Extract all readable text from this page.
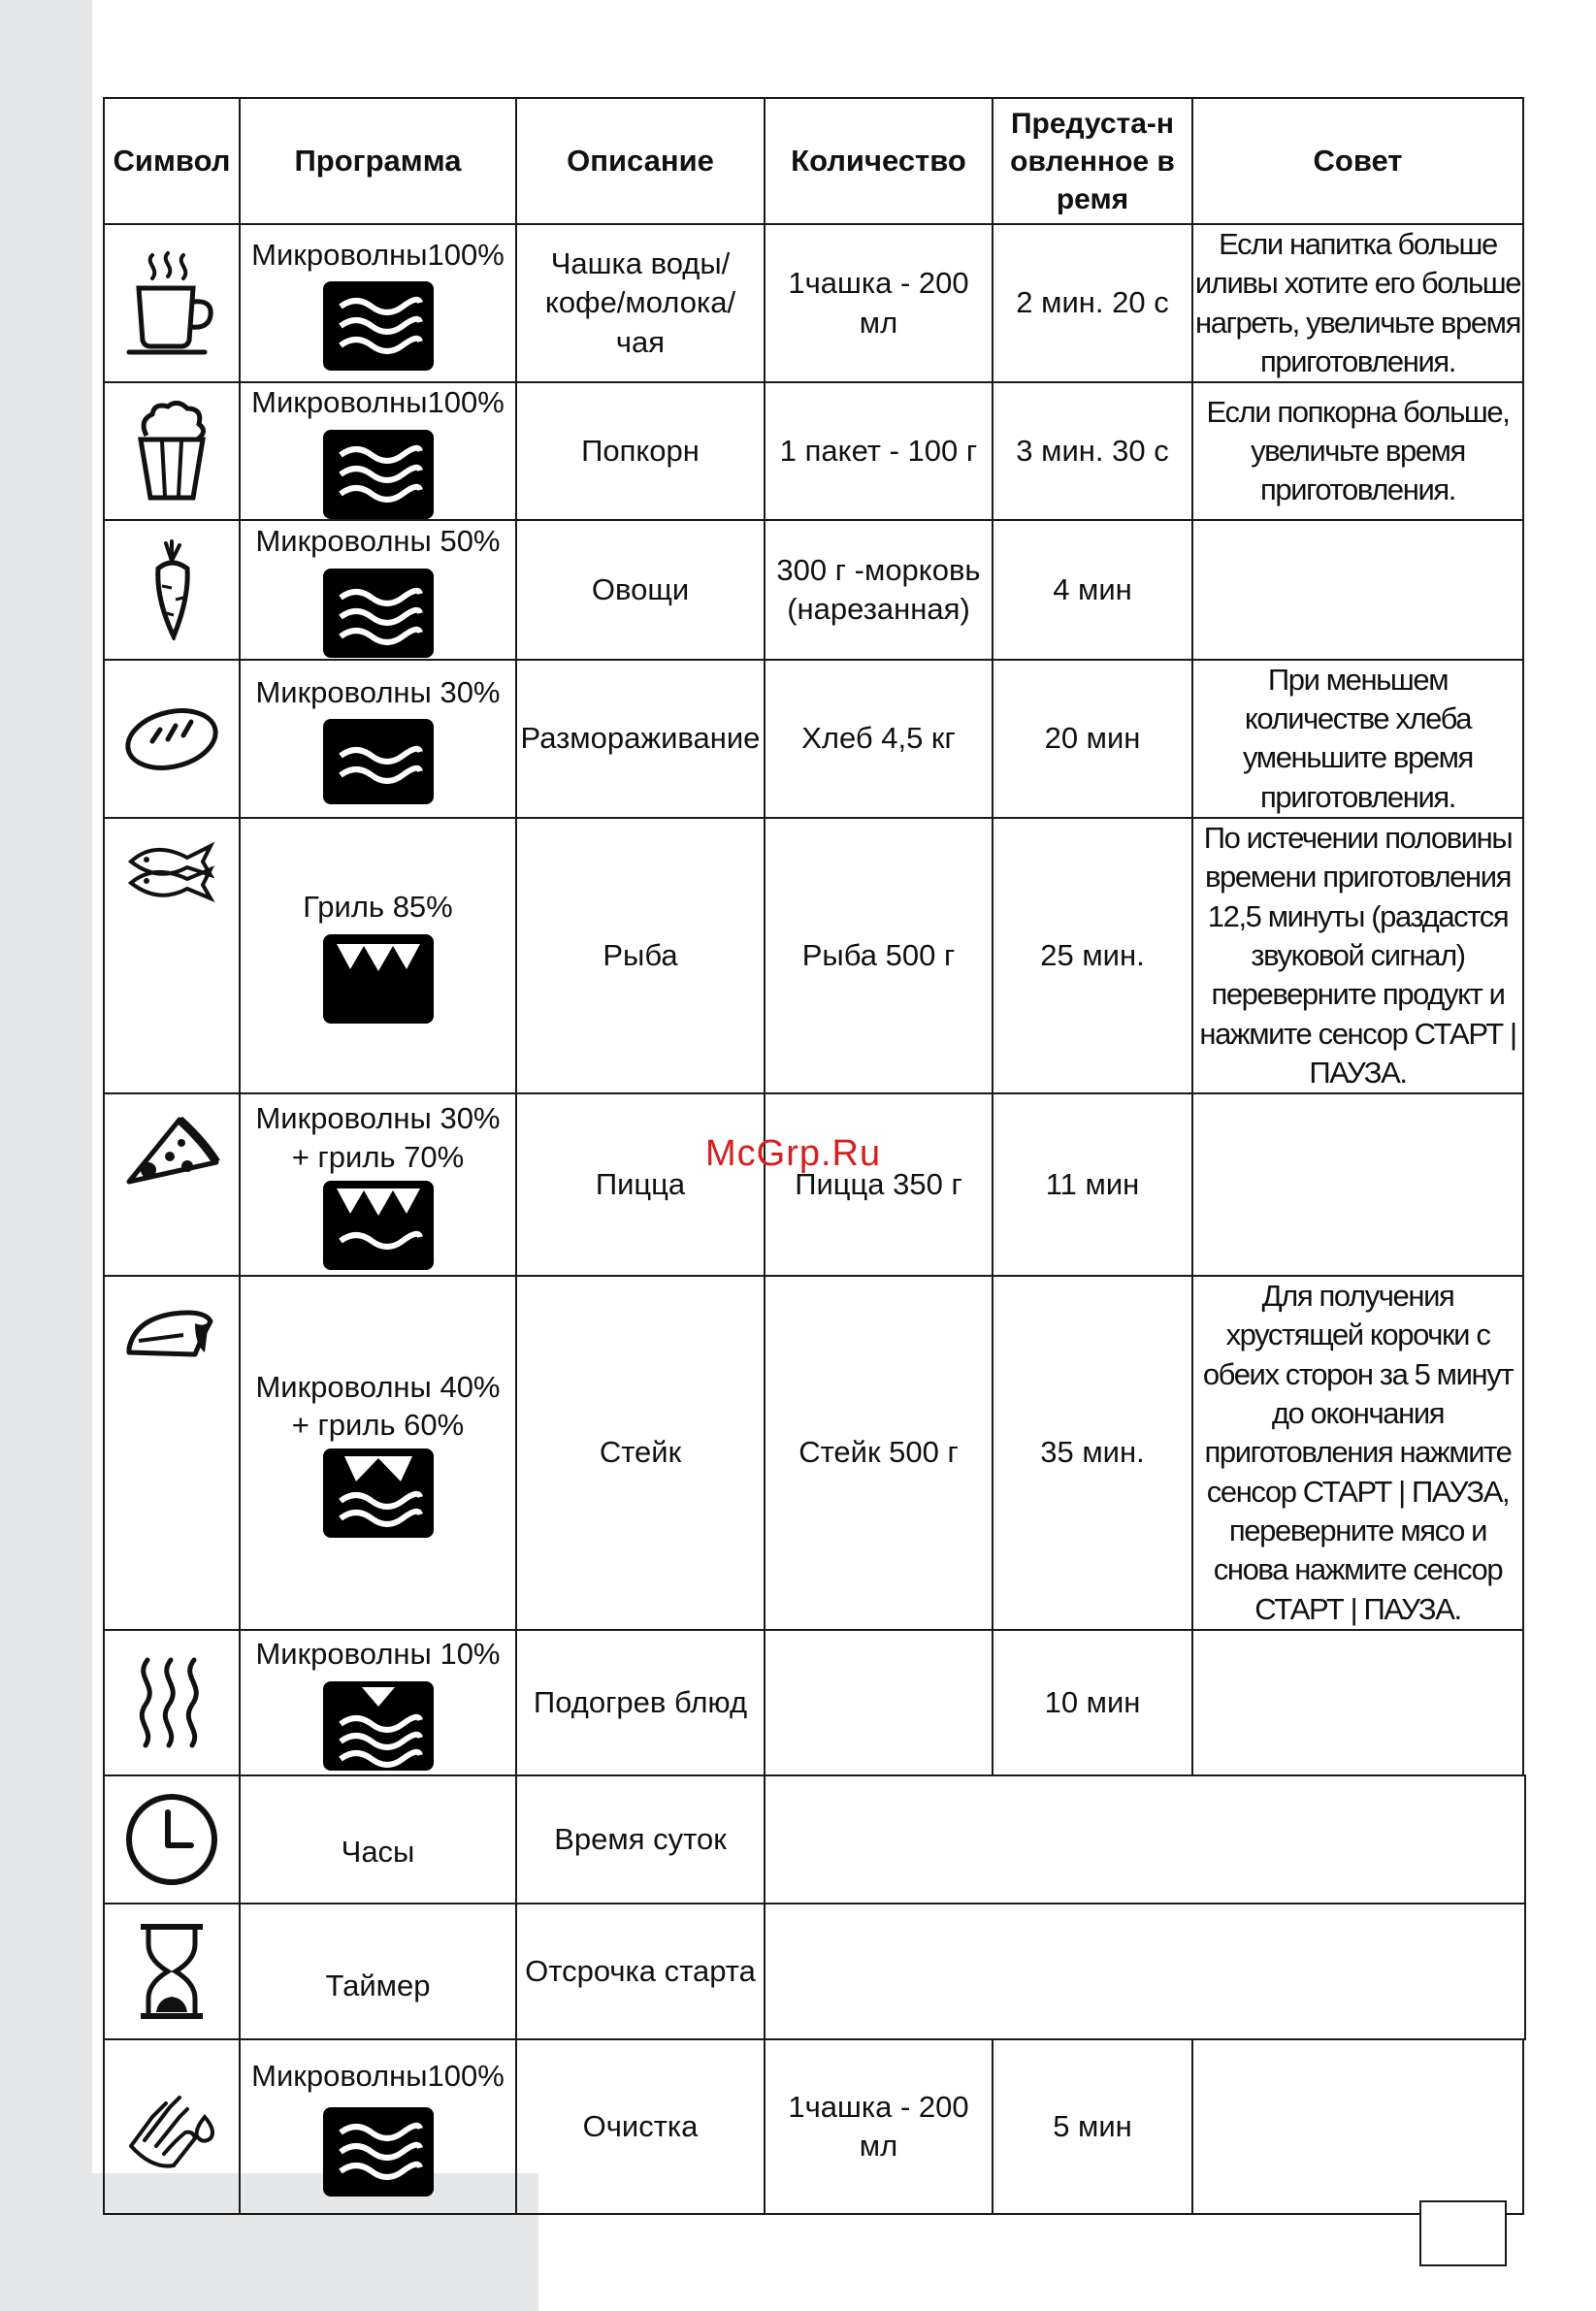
Символ	Программа	Описание	Количество	Предуста-новленное время	Совет

Микроволны100%	Чашка воды/ кофе/молока/ чая	1чашка - 200 мл	2 мин. 20 с	Если напитка больше иливы хотите его больше нагреть, увеличьте время приготовления.

Микроволны100%	Попкорн	1 пакет - 100 г	3 мин. 30 с	Если попкорна больше, увеличьте время приготовления.

Микроволны 50%	Овощи	300 г -морковь (нарезанная)	4 мин	

Микроволны 30%	Размораживание	Хлеб 4,5 кг	20 мин	При меньшем количестве хлеба уменьшите время приготовления.

Гриль 85%	Рыба	Рыба 500 г	25 мин.	По истечении половины времени приготовления 12,5 минуты (раздастся звуковой сигнал) переверните продукт и нажмите сенсор СТАРТ | ПАУЗА.

Микроволны 30%
+ гриль 70%	Пицца	Пицца 350 г	11 мин	

Микроволны 40%
+ гриль 60%	Стейк	Стейк 500 г	35 мин.	Для получения хрустящей корочки с обеих сторон за 5 минут до окончания приготовления нажмите сенсор СТАРТ | ПАУЗА, переверните мясо и снова нажмите сенсор СТАРТ | ПАУЗА.

Микроволны 10%	Подогрев блюд		10 мин	

Часы	Время суток			

Таймер	Отсрочка старта			

Микроволны100%	Очистка	1чашка - 200 мл	5 мин	
McGrp.Ru
